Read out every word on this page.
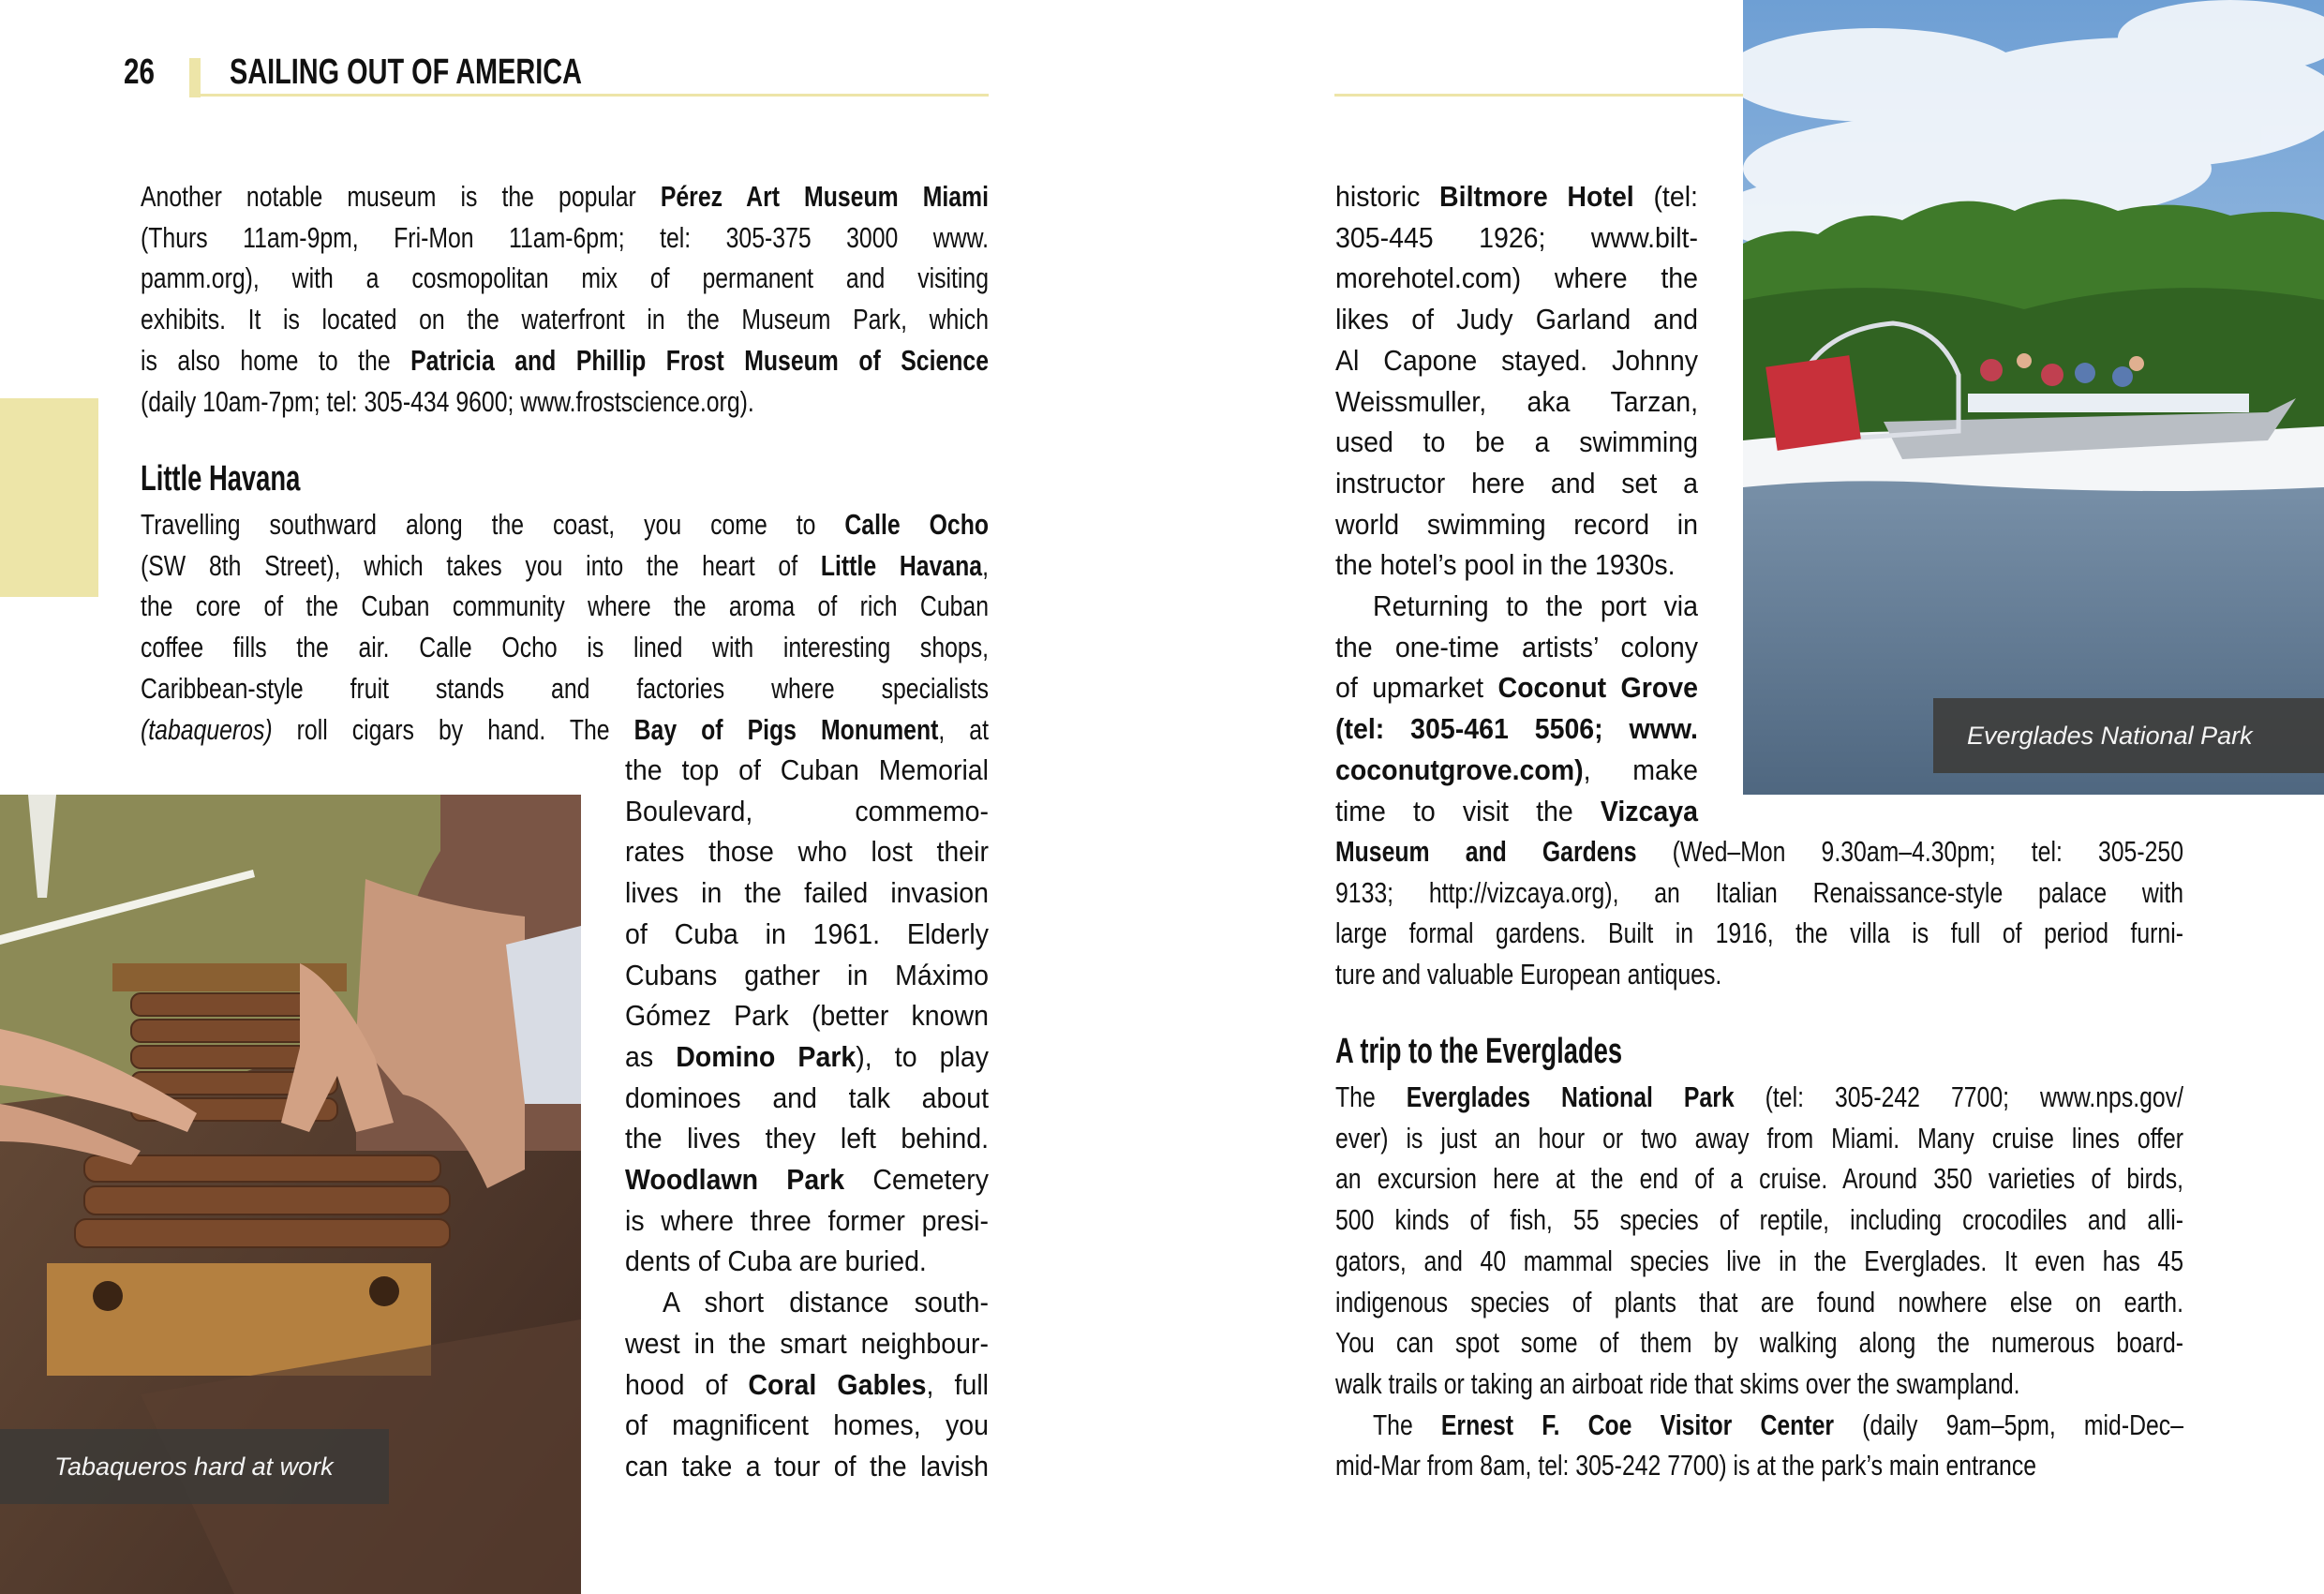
26 SAILING OUT OF AMERICA
Another notable museum is the popular Pérez Art Museum Miami
(Thurs 11am-9pm, Fri-Mon 11am-6pm; tel: 305-375 3000 www.
pamm.org), with a cosmopolitan mix of permanent and visiting
exhibits. It is located on the waterfront in the Museum Park, which
is also home to the Patricia and Phillip Frost Museum of Science
(daily 10am-7pm; tel: 305-434 9600; www.frostscience.org).
Little Havana
Travelling southward along the coast, you come to Calle Ocho
(SW 8th Street), which takes you into the heart of Little Havana,
the core of the Cuban community where the aroma of rich Cuban
coffee fills the air. Calle Ocho is lined with interesting shops,
Caribbean-style fruit stands and factories where specialists
(tabaqueros) roll cigars by hand. The Bay of Pigs Monument, at
the top of Cuban Memorial
Boulevard, commemo-
rates those who lost their
lives in the failed invasion
of Cuba in 1961. Elderly
Cubans gather in Máximo
Gómez Park (better known
as Domino Park), to play
dominoes and talk about
the lives they left behind.
Woodlawn Park Cemetery
is where three former presi-
dents of Cuba are buried.
A short distance south-
west in the smart neighbour-
hood of Coral Gables, full
of magnificent homes, you
can take a tour of the lavish
Tabaqueros hard at work
historic Biltmore Hotel (tel:
305-445 1926; www.bilt-
morehotel.com) where the
likes of Judy Garland and
Al Capone stayed. Johnny
Weissmuller, aka Tarzan,
used to be a swimming
instructor here and set a
world swimming record in
the hotel’s pool in the 1930s.
Returning to the port via
the one-time artists’ colony
of upmarket Coconut Grove
(tel: 305-461 5506; www.
coconutgrove.com), make
time to visit the Vizcaya
Museum and Gardens (Wed–Mon 9.30am–4.30pm; tel: 305-250
9133; http://vizcaya.org), an Italian Renaissance-style palace with
large formal gardens. Built in 1916, the villa is full of period furni-
ture and valuable European antiques.
A trip to the Everglades
The Everglades National Park (tel: 305-242 7700; www.nps.gov/
ever) is just an hour or two away from Miami. Many cruise lines offer
an excursion here at the end of a cruise. Around 350 varieties of birds,
500 kinds of fish, 55 species of reptile, including crocodiles and alli-
gators, and 40 mammal species live in the Everglades. It even has 45
indigenous species of plants that are found nowhere else on earth.
You can spot some of them by walking along the numerous board-
walk trails or taking an airboat ride that skims over the swampland.
The Ernest F. Coe Visitor Center (daily 9am–5pm, mid-Dec–
mid-Mar from 8am, tel: 305-242 7700) is at the park’s main entrance
Everglades National Park
